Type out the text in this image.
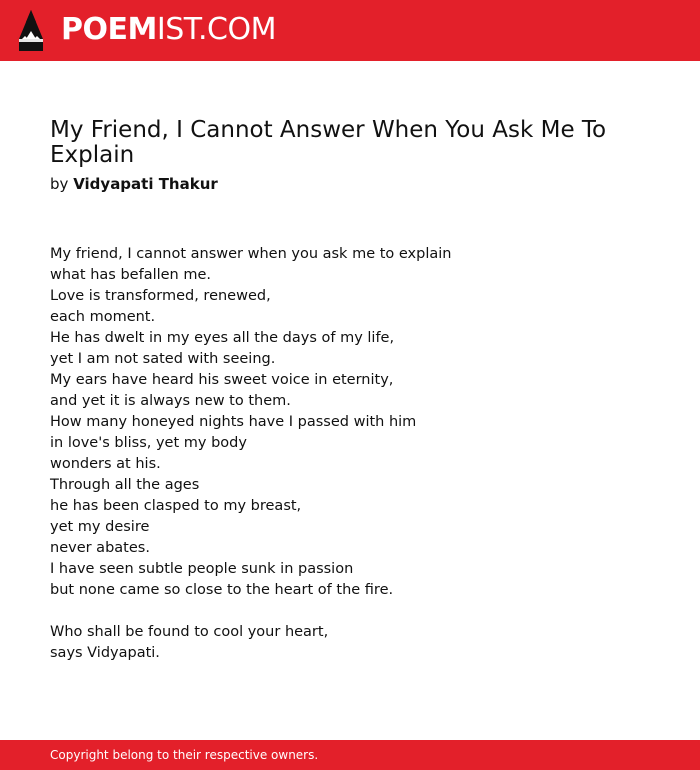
POEMIST.COM
My Friend, I Cannot Answer When You Ask Me To Explain
by Vidyapati Thakur
My friend, I cannot answer when you ask me to explain
what has befallen me.
Love is transformed, renewed,
each moment.
He has dwelt in my eyes all the days of my life,
yet I am not sated with seeing.
My ears have heard his sweet voice in eternity,
and yet it is always new to them.
How many honeyed nights have I passed with him
in love's bliss, yet my body
wonders at his.
Through all the ages
he has been clasped to my breast,
yet my desire
never abates.
I have seen subtle people sunk in passion
but none came so close to the heart of the fire.
Who shall be found to cool your heart,
says Vidyapati.
Copyright belong to their respective owners.
